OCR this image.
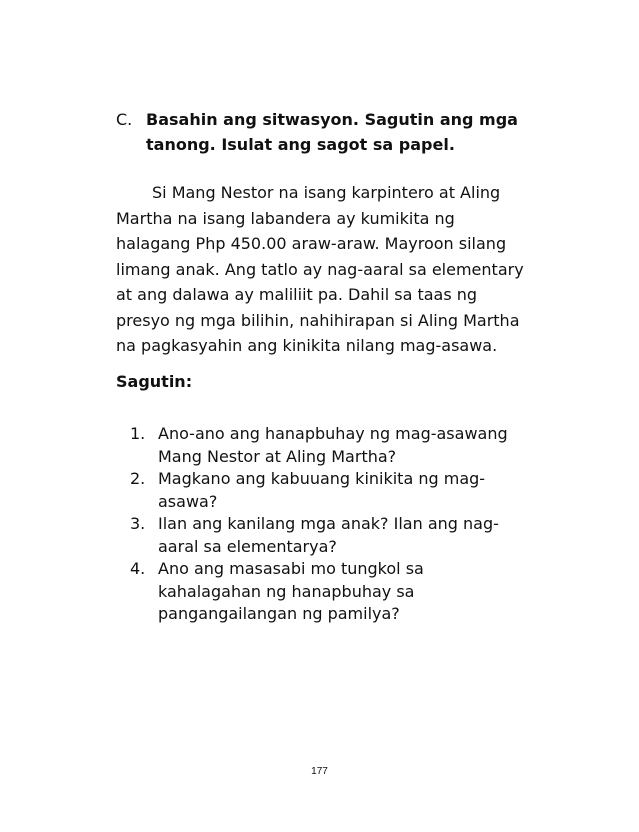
C. Basahin ang sitwasyon. Sagutin ang mga
tanong. Isulat ang sagot sa papel.
Si Mang Nestor na isang karpintero at Aling
Martha na isang labandera ay kumikita ng
halagang Php 450.00 araw-araw. Mayroon silang
limang anak. Ang tatlo ay nag-aaral sa elementary
at ang dalawa ay maliliit pa. Dahil sa taas ng
presyo ng mga bilihin, nahihirapan si Aling Martha
na pagkasyahin ang kinikita nilang mag-asawa.
Sagutin:
1. Ano-ano ang hanapbuhay ng mag-asawang
Mang Nestor at Aling Martha?
2. Magkano ang kabuuang kinikita ng mag-
asawa?
3. Ilan ang kanilang mga anak? Ilan ang nag-
aaral sa elementarya?
4. Ano ang masasabi mo tungkol sa
kahalagahan ng hanapbuhay sa
pangangailangan ng pamilya?
177
